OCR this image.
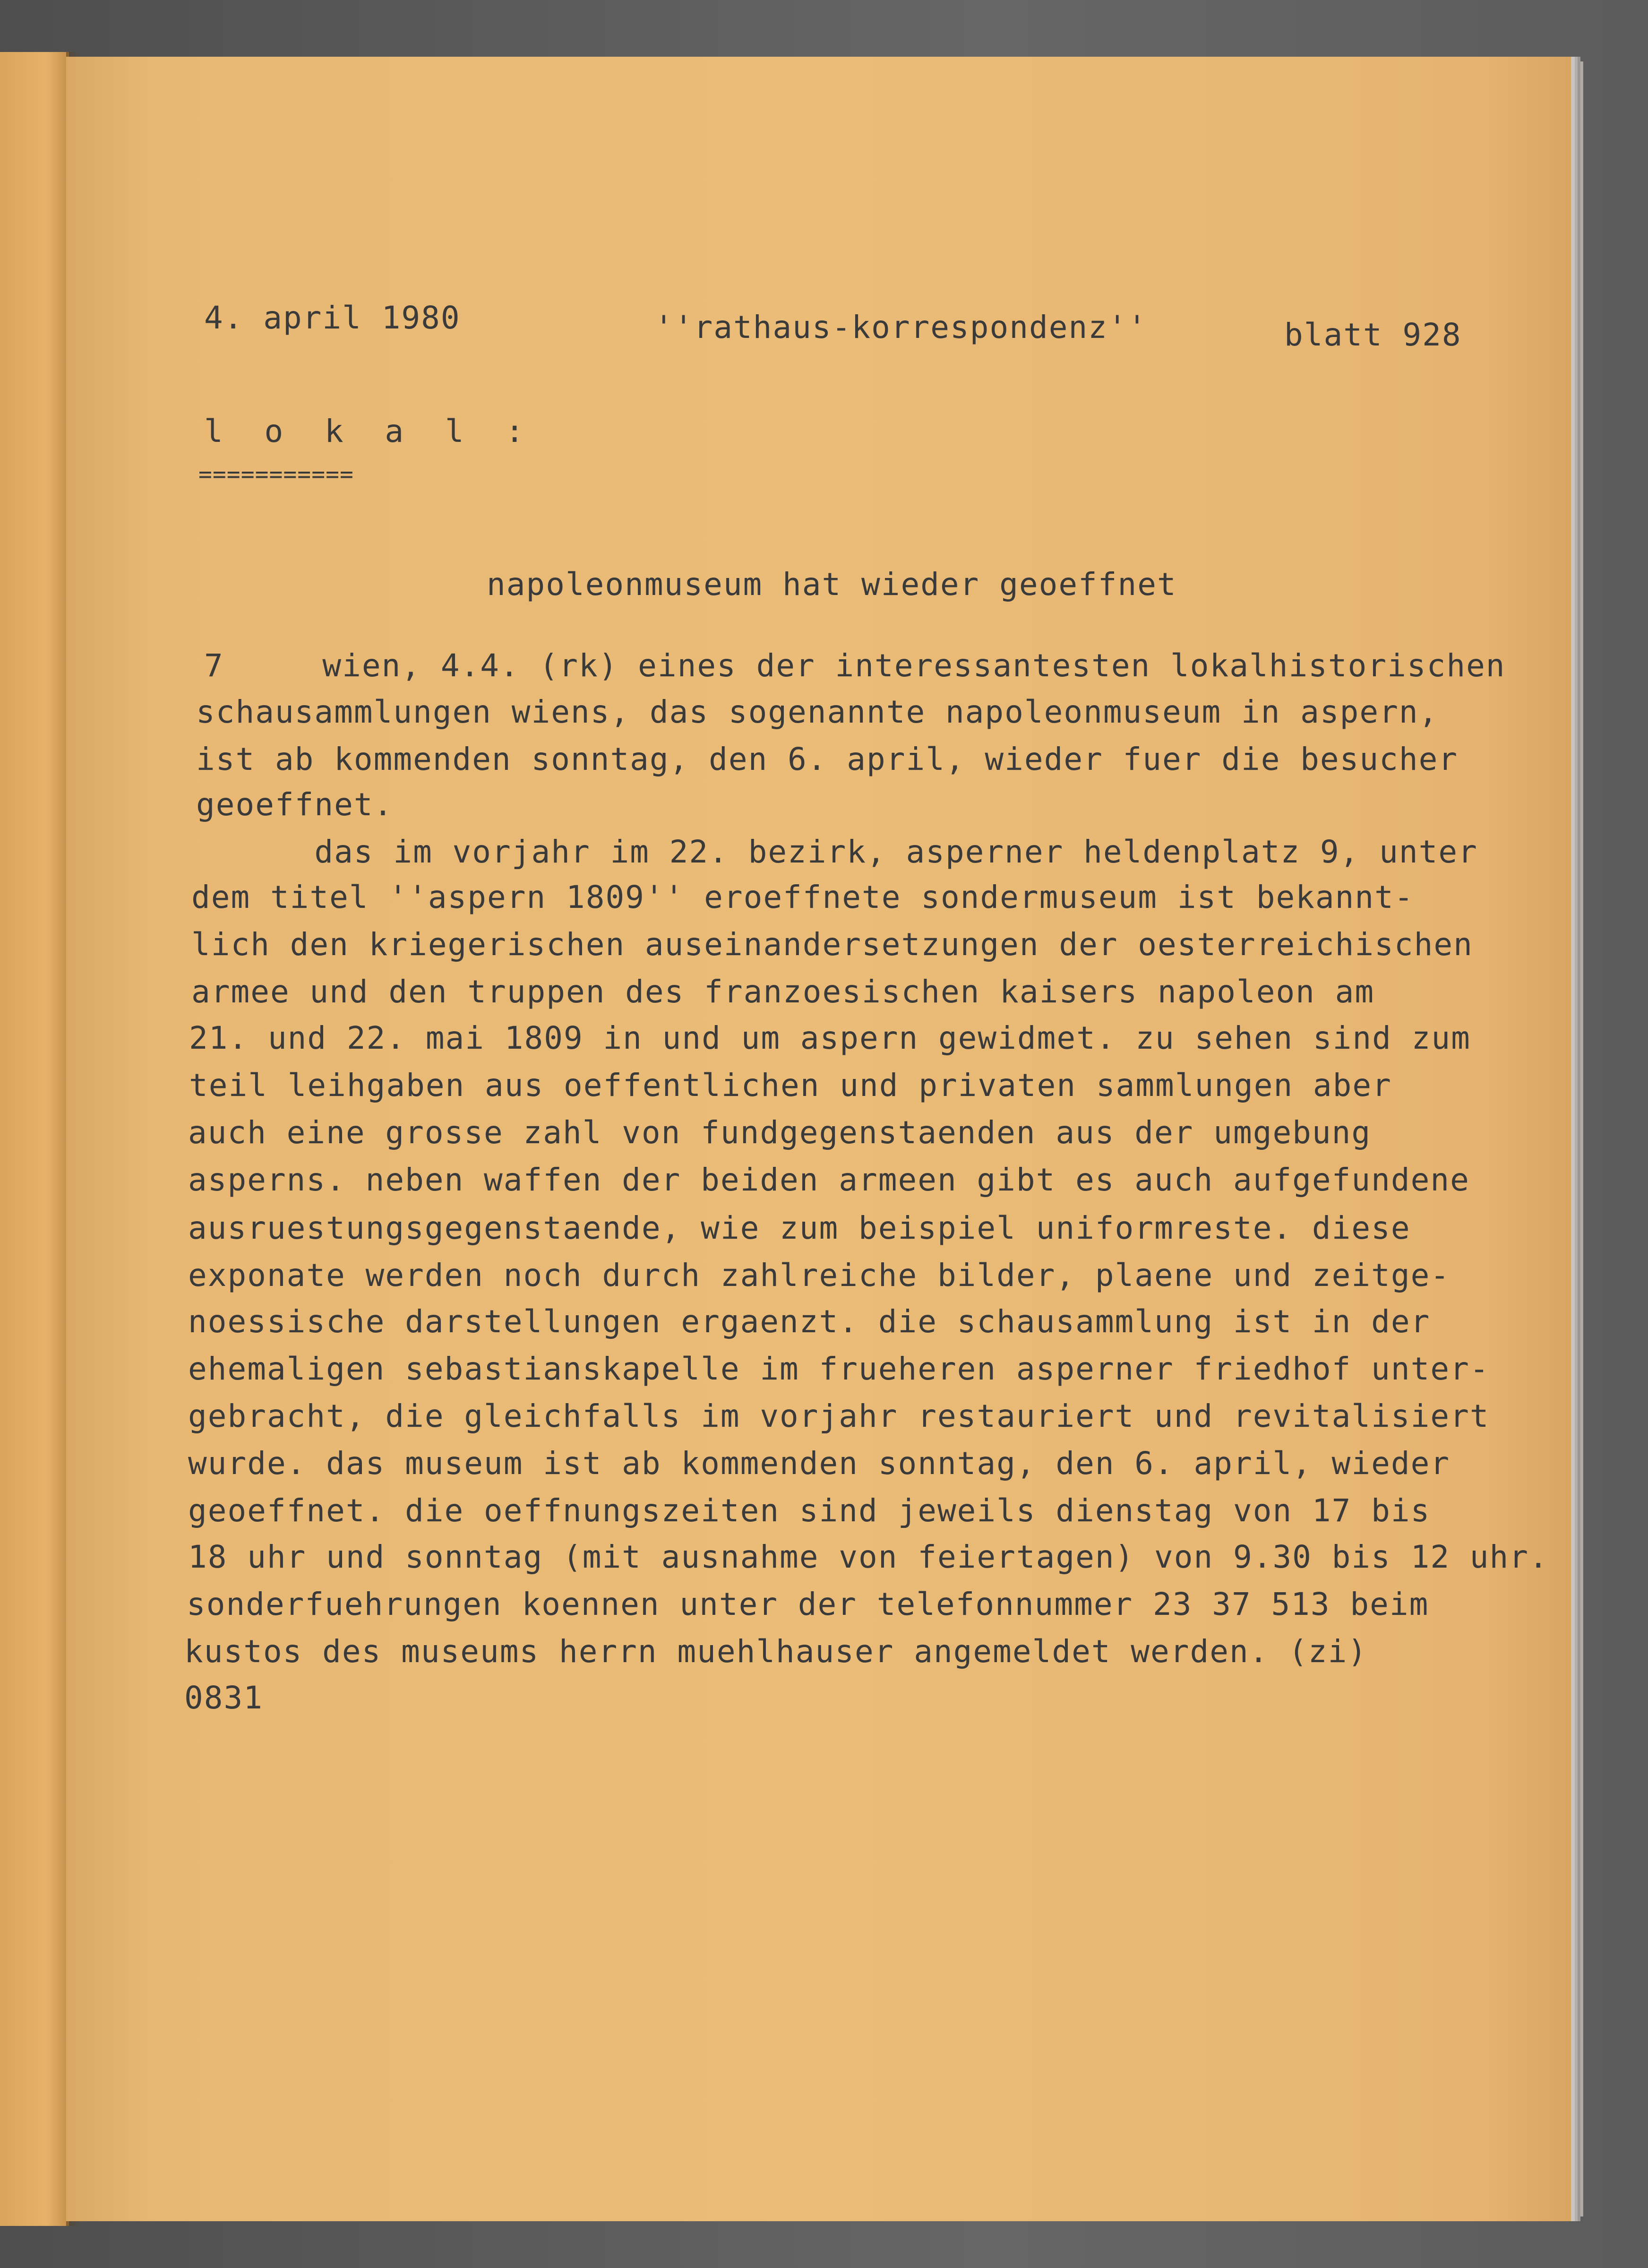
4. april 1980	''rathaus-korrespondenz''	blatt 928
l o k a l :
===========
napoleonmuseum hat wieder geoeffnet
7     wien, 4.4. (rk) eines der interessantesten lokalhistorischen
schausammlungen wiens, das sogenannte napoleonmuseum in aspern,
ist ab kommenden sonntag, den 6. april, wieder fuer die besucher
geoeffnet.
das im vorjahr im 22. bezirk, asperner heldenplatz 9, unter
dem titel ''aspern 1809'' eroeffnete sondermuseum ist bekannt-
lich den kriegerischen auseinandersetzungen der oesterreichischen
armee und den truppen des franzoesischen kaisers napoleon am
21. und 22. mai 1809 in und um aspern gewidmet. zu sehen sind zum
teil leihgaben aus oeffentlichen und privaten sammlungen aber
auch eine grosse zahl von fundgegenstaenden aus der umgebung
asperns. neben waffen der beiden armeen gibt es auch aufgefundene
ausruestungsgegenstaende, wie zum beispiel uniformreste. diese
exponate werden noch durch zahlreiche bilder, plaene und zeitge-
noessische darstellungen ergaenzt. die schausammlung ist in der
ehemaligen sebastianskapelle im frueheren asperner friedhof unter-
gebracht, die gleichfalls im vorjahr restauriert und revitalisiert
wurde. das museum ist ab kommenden sonntag, den 6. april, wieder
geoeffnet. die oeffnungszeiten sind jeweils dienstag von 17 bis
18 uhr und sonntag (mit ausnahme von feiertagen) von 9.30 bis 12 uhr.
sonderfuehrungen koennen unter der telefonnummer 23 37 513 beim
kustos des museums herrn muehlhauser angemeldet werden. (zi)
0831
